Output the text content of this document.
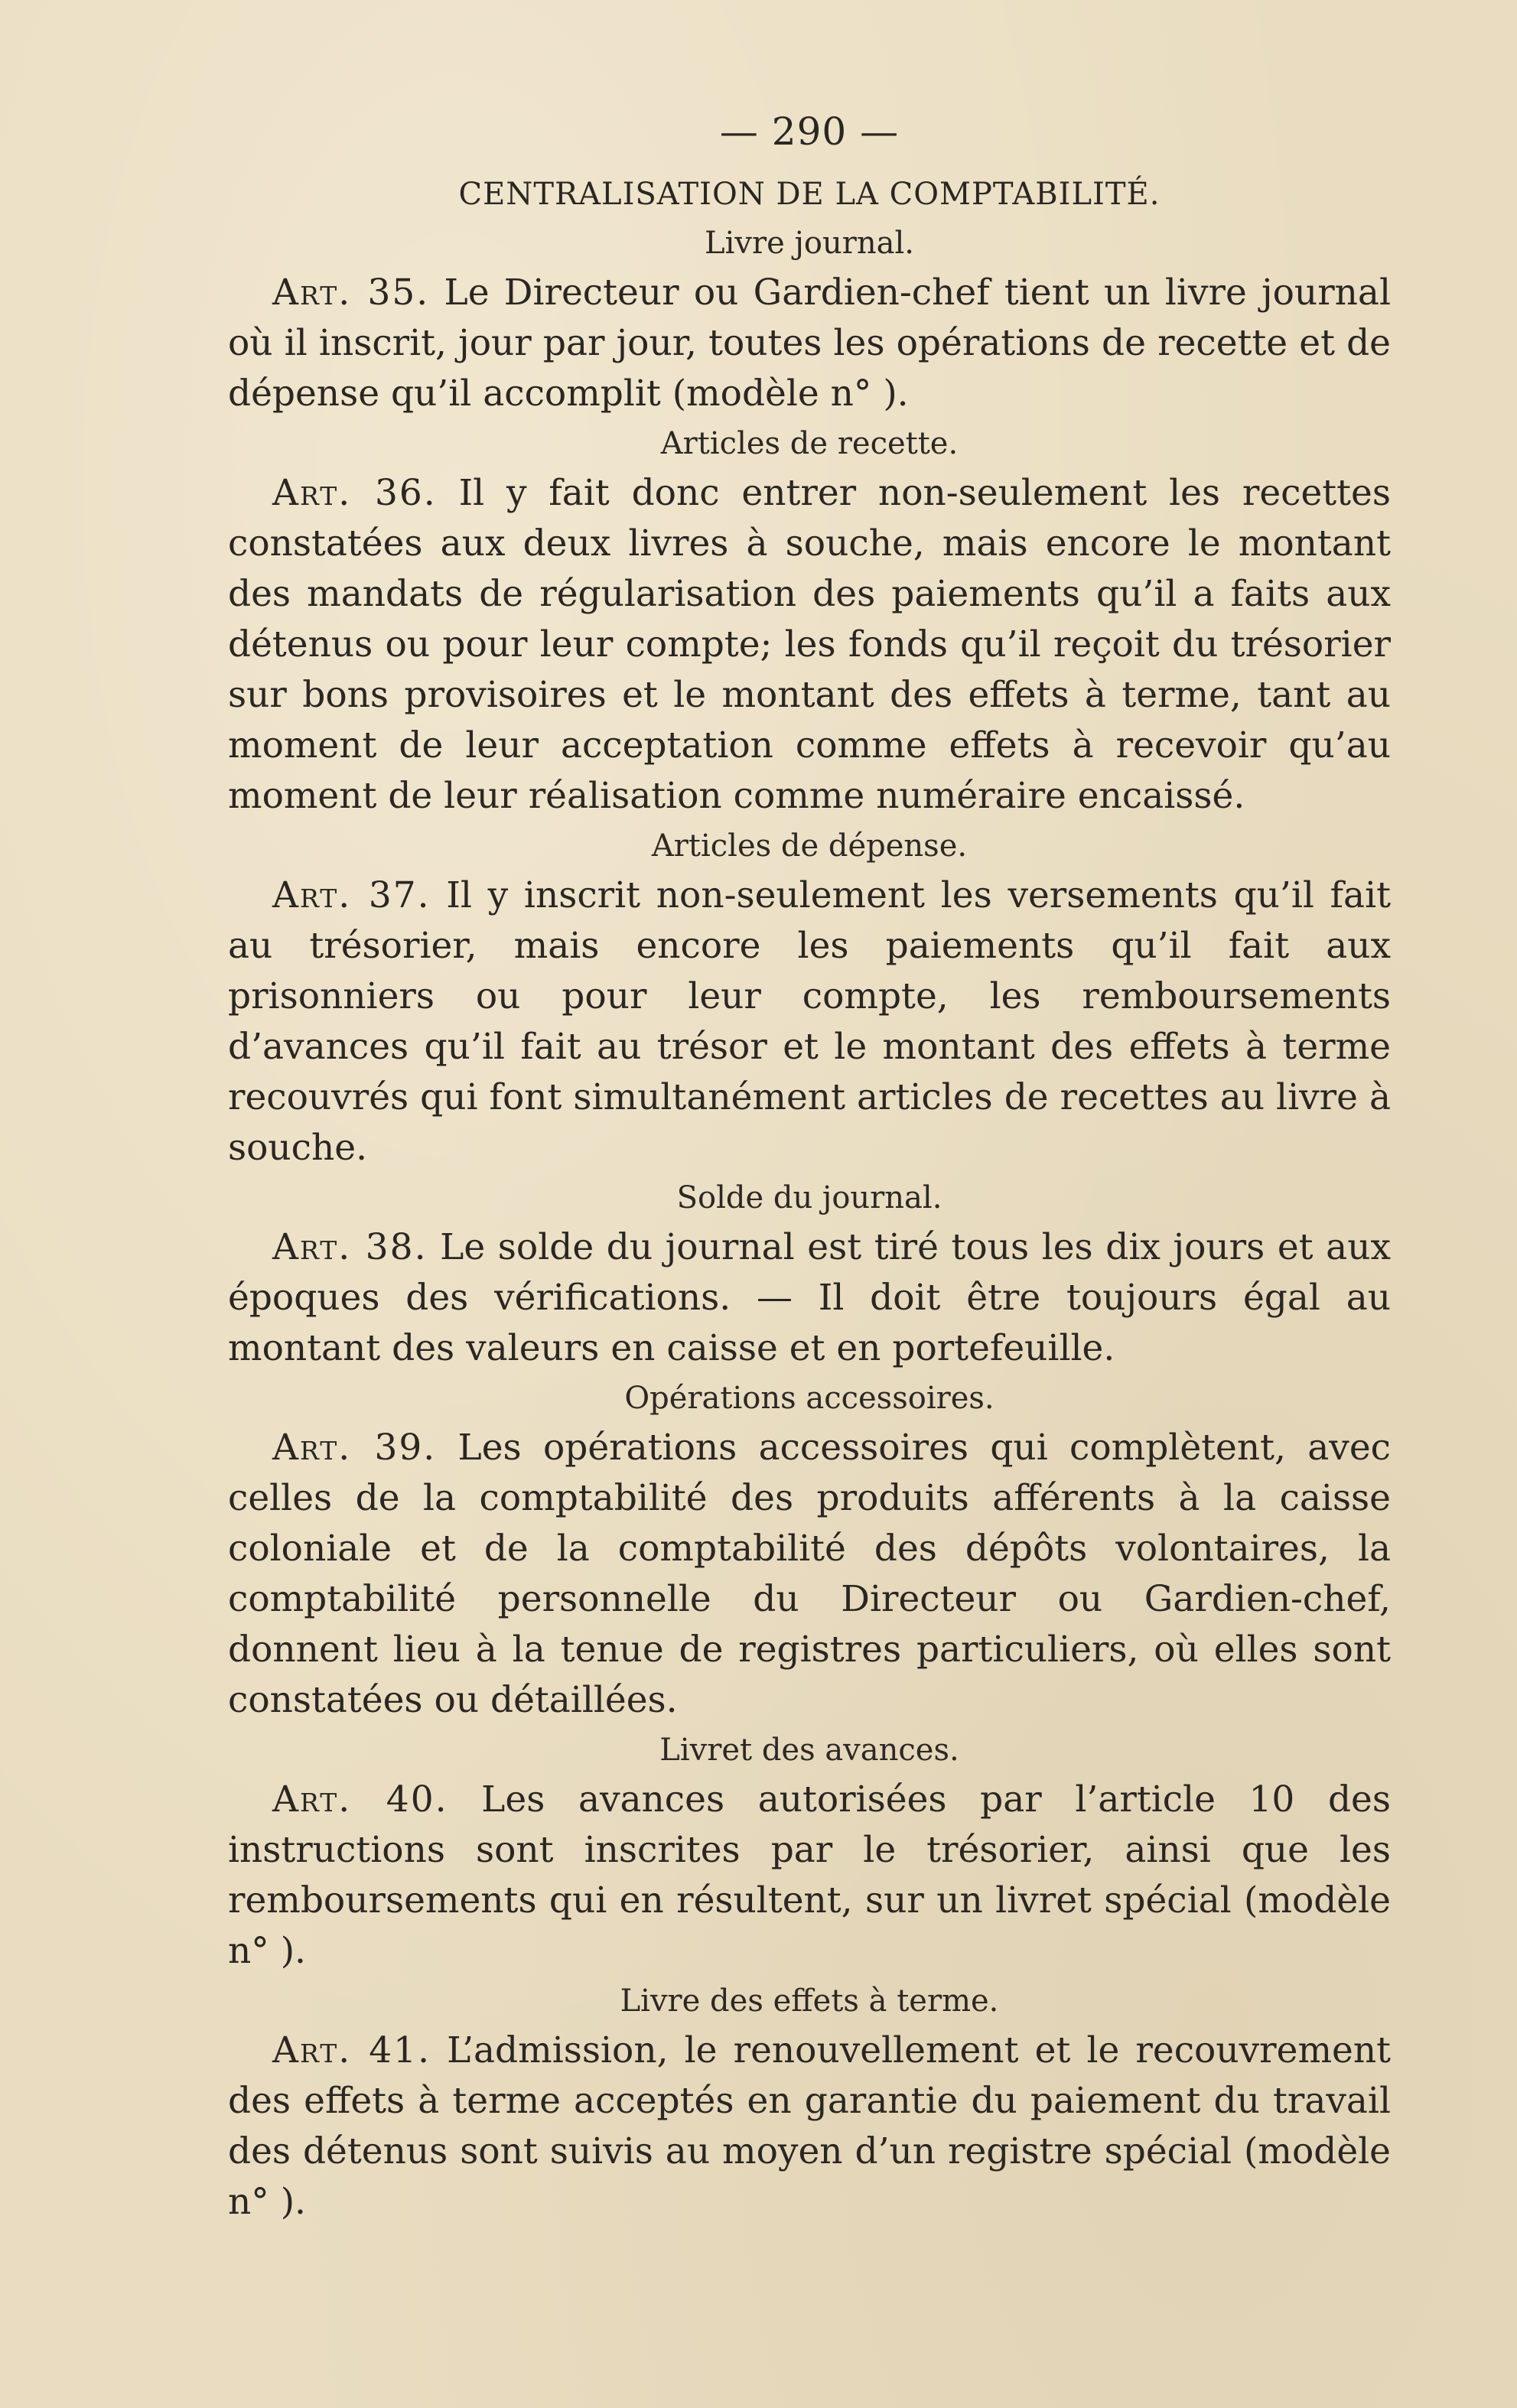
— 290 —
CENTRALISATION DE LA COMPTABILITÉ.
Livre journal.

Art. 35. Le Directeur ou Gardien-chef tient un livre journal où il inscrit, jour par jour, toutes les opérations de recette et de dépense qu’il accomplit (modèle n° ).

Articles de recette.

Art. 36. Il y fait donc entrer non-seulement les recettes constatées aux deux livres à souche, mais encore le montant des mandats de régularisation des paiements qu’il a faits aux détenus ou pour leur compte; les fonds qu’il reçoit du trésorier sur bons provisoires et le montant des effets à terme, tant au moment de leur acceptation comme effets à recevoir qu’au moment de leur réalisation comme numéraire encaissé.

Articles de dépense.

Art. 37. Il y inscrit non-seulement les versements qu’il fait au trésorier, mais encore les paiements qu’il fait aux prisonniers ou pour leur compte, les remboursements d’avances qu’il fait au trésor et le montant des effets à terme recouvrés qui font simultanément articles de recettes au livre à souche.

Solde du journal.

Art. 38. Le solde du journal est tiré tous les dix jours et aux époques des vérifications. — Il doit être toujours égal au montant des valeurs en caisse et en portefeuille.

Opérations accessoires.

Art. 39. Les opérations accessoires qui complètent, avec celles de la comptabilité des produits afférents à la caisse coloniale et de la comptabilité des dépôts volontaires, la comptabilité personnelle du Directeur ou Gardien-chef, donnent lieu à la tenue de registres particuliers, où elles sont constatées ou détaillées.

Livret des avances.

Art. 40. Les avances autorisées par l’article 10 des instructions sont inscrites par le trésorier, ainsi que les remboursements qui en résultent, sur un livret spécial (modèle n° ).

Livre des effets à terme.

Art. 41. L’admission, le renouvellement et le recouvrement des effets à terme acceptés en garantie du paiement du travail des détenus sont suivis au moyen d’un registre spécial (modèle n° ).
